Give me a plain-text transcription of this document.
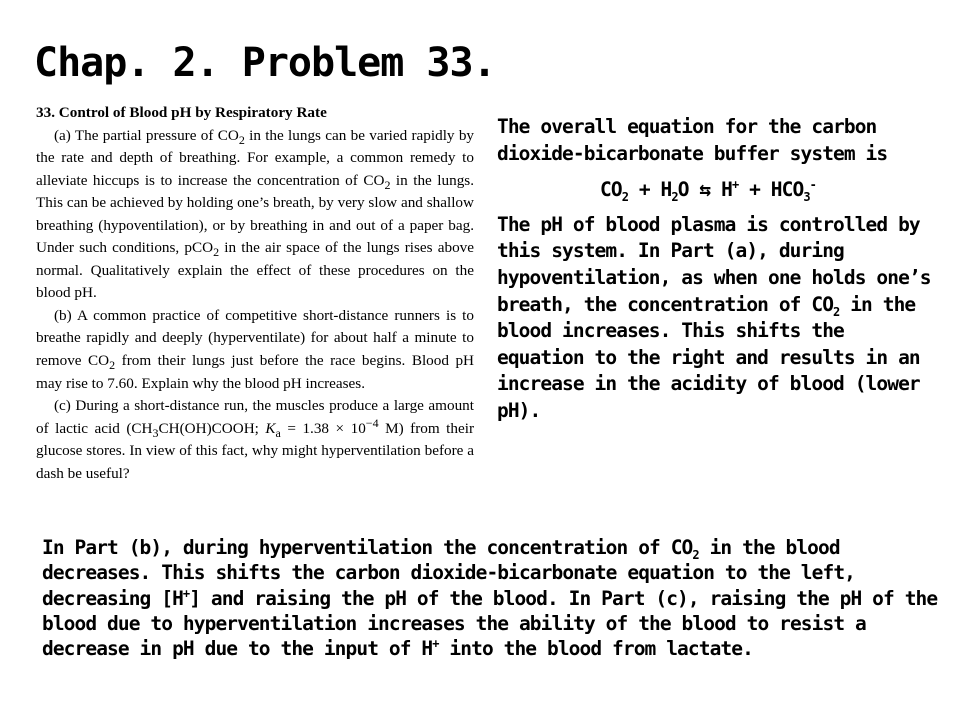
Chap. 2. Problem 33.

33. Control of Blood pH by Respiratory Rate

(a) The partial pressure of $CO_2$ in the lungs can be varied rapidly by the rate and depth of breathing. For example, a common remedy to alleviate hiccups is to increase the concentration of $CO_2$ in the lungs. This can be achieved by holding one’s breath, by very slow and shallow breathing (hypoventilation), or by breathing in and out of a paper bag. Under such conditions, pCO$_2$ in the air space of the lungs rises above normal. Qualitatively explain the effect of these procedures on the blood pH.

(b) A common practice of competitive short-distance runners is to breathe rapidly and deeply (hyperventilate) for about half a minute to remove $CO_2$ from their lungs just before the race begins. Blood pH may rise to 7.60. Explain why the blood pH increases.

(c) During a short-distance run, the muscles produce a large amount of lactic acid ($CH_3CH(OH)COOH$; $K_a = 1.38 \times 10^{-4}$ M) from their glucose stores. In view of this fact, why might hyperventilation before a dash be useful?

The overall equation for the carbon dioxide-bicarbonate buffer system is

$CO_2 + H_2O$ ⇆ $H^+ + HCO_3^-$

The pH of blood plasma is controlled by this system. In Part (a), during hypoventilation, as when one holds one’s breath, the concentration of $CO_2$ in the blood increases. This shifts the equation to the right and results in an increase in the acidity of blood (lower pH).

In Part (b), during hyperventilation the concentration of $CO_2$ in the blood decreases. This shifts the carbon dioxide-bicarbonate equation to the left, decreasing [H+] and raising the pH of the blood. In Part (c), raising the pH of the blood due to hyperventilation increases the ability of the blood to resist a decrease in pH due to the input of H+ into the blood from lactate.
